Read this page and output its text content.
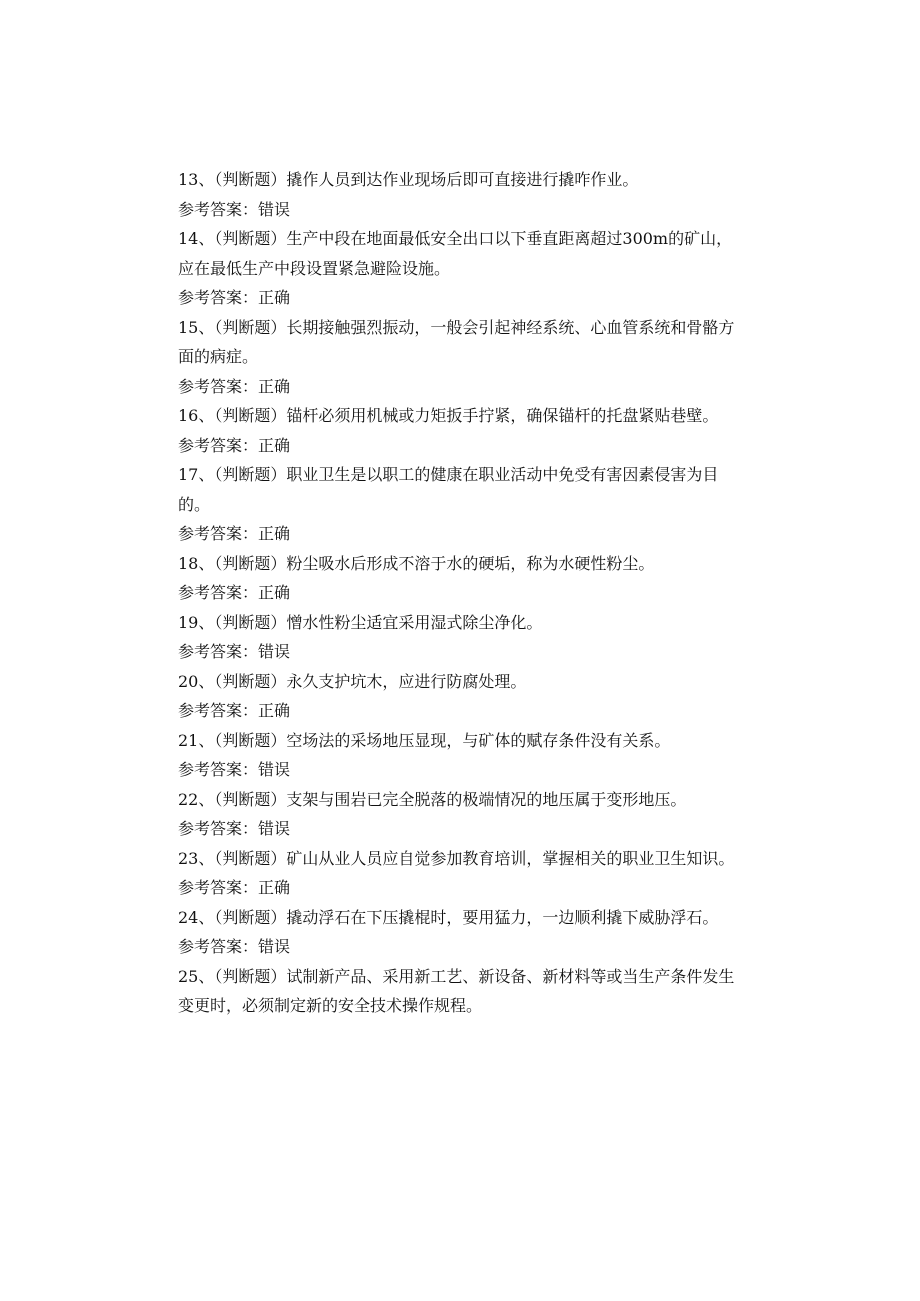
13、（判断题）撬作人员到达作业现场后即可直接进行撬咋作业。

参考答案：错误

14、（判断题）生产中段在地面最低安全出口以下垂直距离超过300m的矿山，应在最低生产中段设置紧急避险设施。

参考答案：正确

15、（判断题）长期接触强烈振动，一般会引起神经系统、心血管系统和骨骼方面的病症。

参考答案：正确

16、（判断题）锚杆必须用机械或力矩扳手拧紧，确保锚杆的托盘紧贴巷壁。

参考答案：正确

17、（判断题）职业卫生是以职工的健康在职业活动中免受有害因素侵害为目的。

参考答案：正确

18、（判断题）粉尘吸水后形成不溶于水的硬垢，称为水硬性粉尘。

参考答案：正确

19、（判断题）憎水性粉尘适宜采用湿式除尘净化。

参考答案：错误

20、（判断题）永久支护坑木，应进行防腐处理。

参考答案：正确

21、（判断题）空场法的采场地压显现，与矿体的赋存条件没有关系。

参考答案：错误

22、（判断题）支架与围岩已完全脱落的极端情况的地压属于变形地压。

参考答案：错误

23、（判断题）矿山从业人员应自觉参加教育培训，掌握相关的职业卫生知识。

参考答案：正确

24、（判断题）撬动浮石在下压撬棍时，要用猛力，一边顺利撬下威胁浮石。

参考答案：错误

25、（判断题）试制新产品、采用新工艺、新设备、新材料等或当生产条件发生变更时，必须制定新的安全技术操作规程。
